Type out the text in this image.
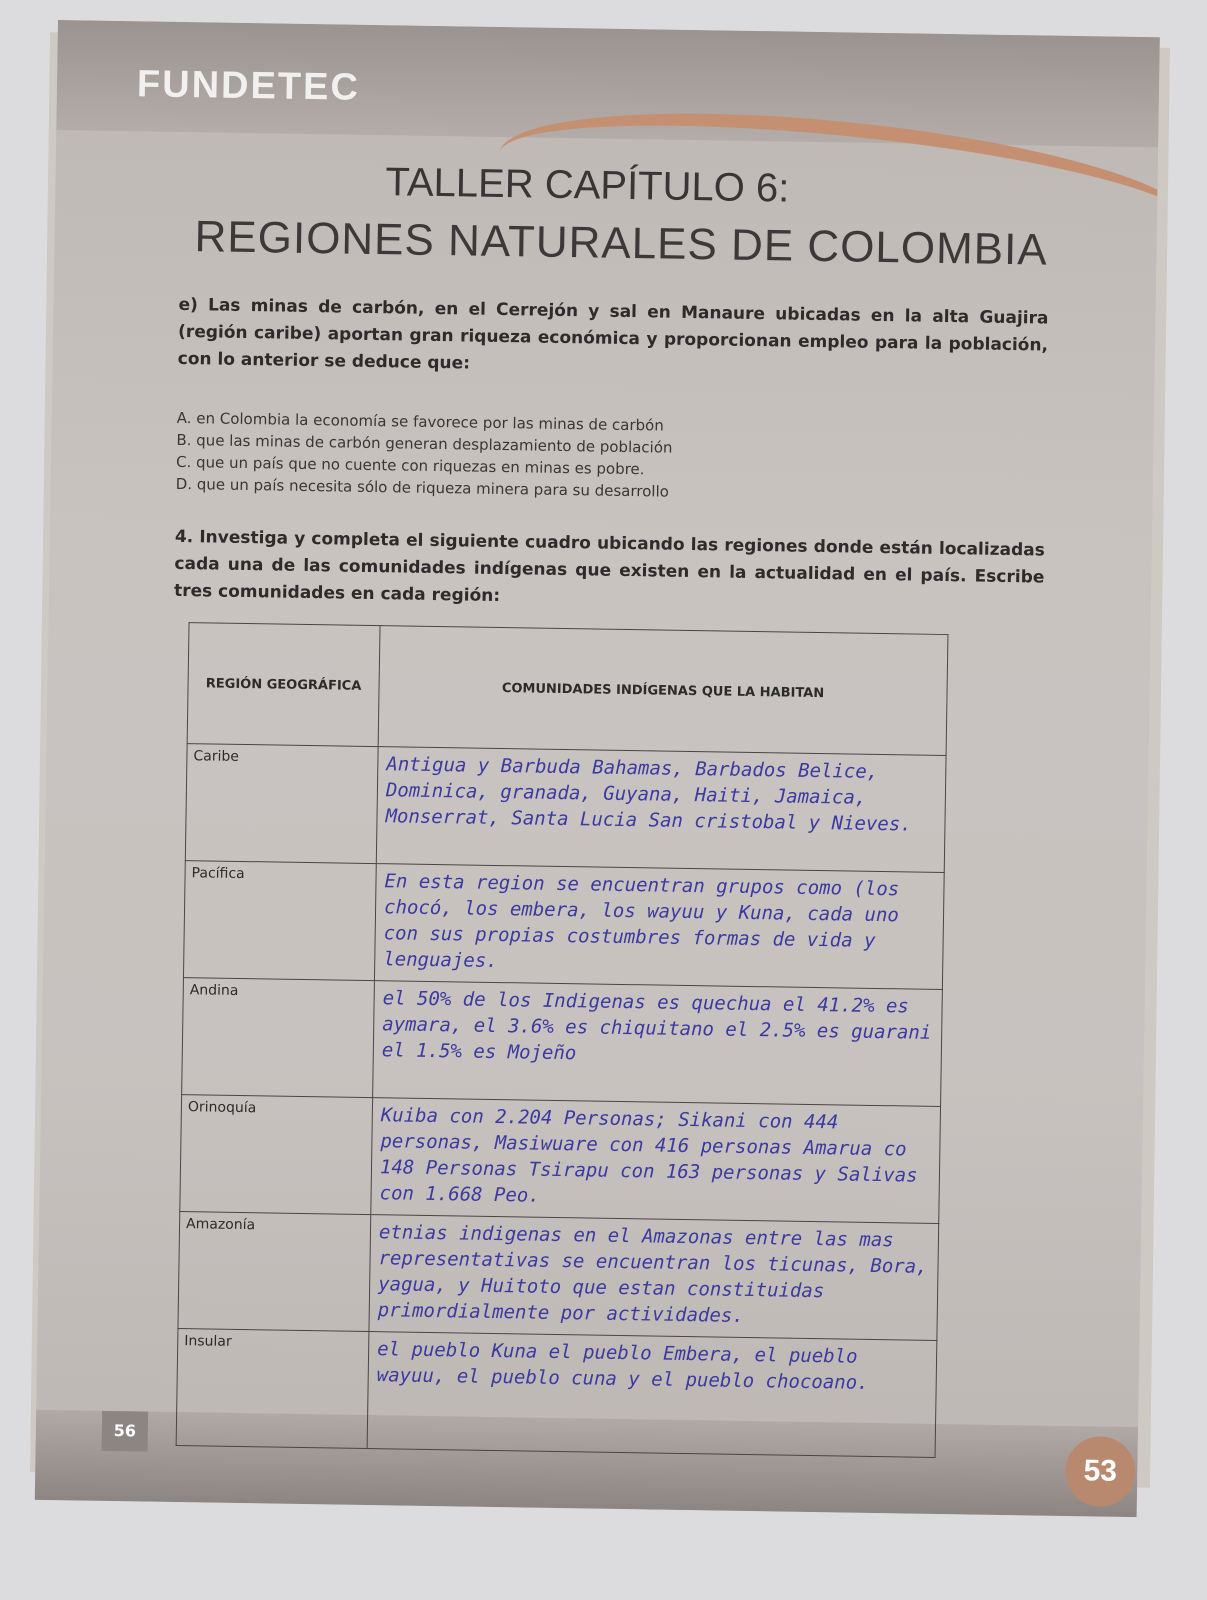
FUNDETEC
TALLER CAPÍTULO 6:
REGIONES NATURALES DE COLOMBIA
e) Las minas de carbón, en el Cerrejón y sal en Manaure ubicadas en la alta Guajira (región caribe) aportan gran riqueza económica y proporcionan empleo para la población, con lo anterior se deduce que:
A. en Colombia la economía se favorece por las minas de carbón
B. que las minas de carbón generan desplazamiento de población
C. que un país que no cuente con riquezas en minas es pobre.
D. que un país necesita sólo de riqueza minera para su desarrollo
4. Investiga y completa el siguiente cuadro ubicando las regiones donde están localizadas cada una de las comunidades indígenas que existen en la actualidad en el país. Escribe tres comunidades en cada región:
REGIÓN GEOGRÁFICA	COMUNIDADES INDÍGENAS QUE LA HABITAN
Caribe	Antigua y Barbuda Bahamas, Barbados Belice, Dominica, granada, Guyana, Haiti, Jamaica, Monserrat, Santa Lucia San cristobal y Nieves.
Pacífica	En esta region se encuentran grupos como (los chocó, los embera, los wayuu y Kuna, cada uno con sus propias costumbres formas de vida y lenguajes.
Andina	el 50% de los Indigenas es quechua el 41.2% es aymara, el 3.6% es chiquitano el 2.5% es guarani el 1.5% es Mojeño
Orinoquía	Kuiba con 2.204 Personas; Sikani con 444 personas, Masiwuare con 416 personas Amarua co 148 Personas Tsirapu con 163 personas y Salivas con 1.668 Peo.
Amazonía	etnias indigenas en el Amazonas entre las mas representativas se encuentran los ticunas, Bora, yagua, y Huitoto que estan constituidas primordialmente por actividades.
Insular	el pueblo Kuna el pueblo Embera, el pueblo wayuu, el pueblo cuna y el pueblo chocoano.
56
53
